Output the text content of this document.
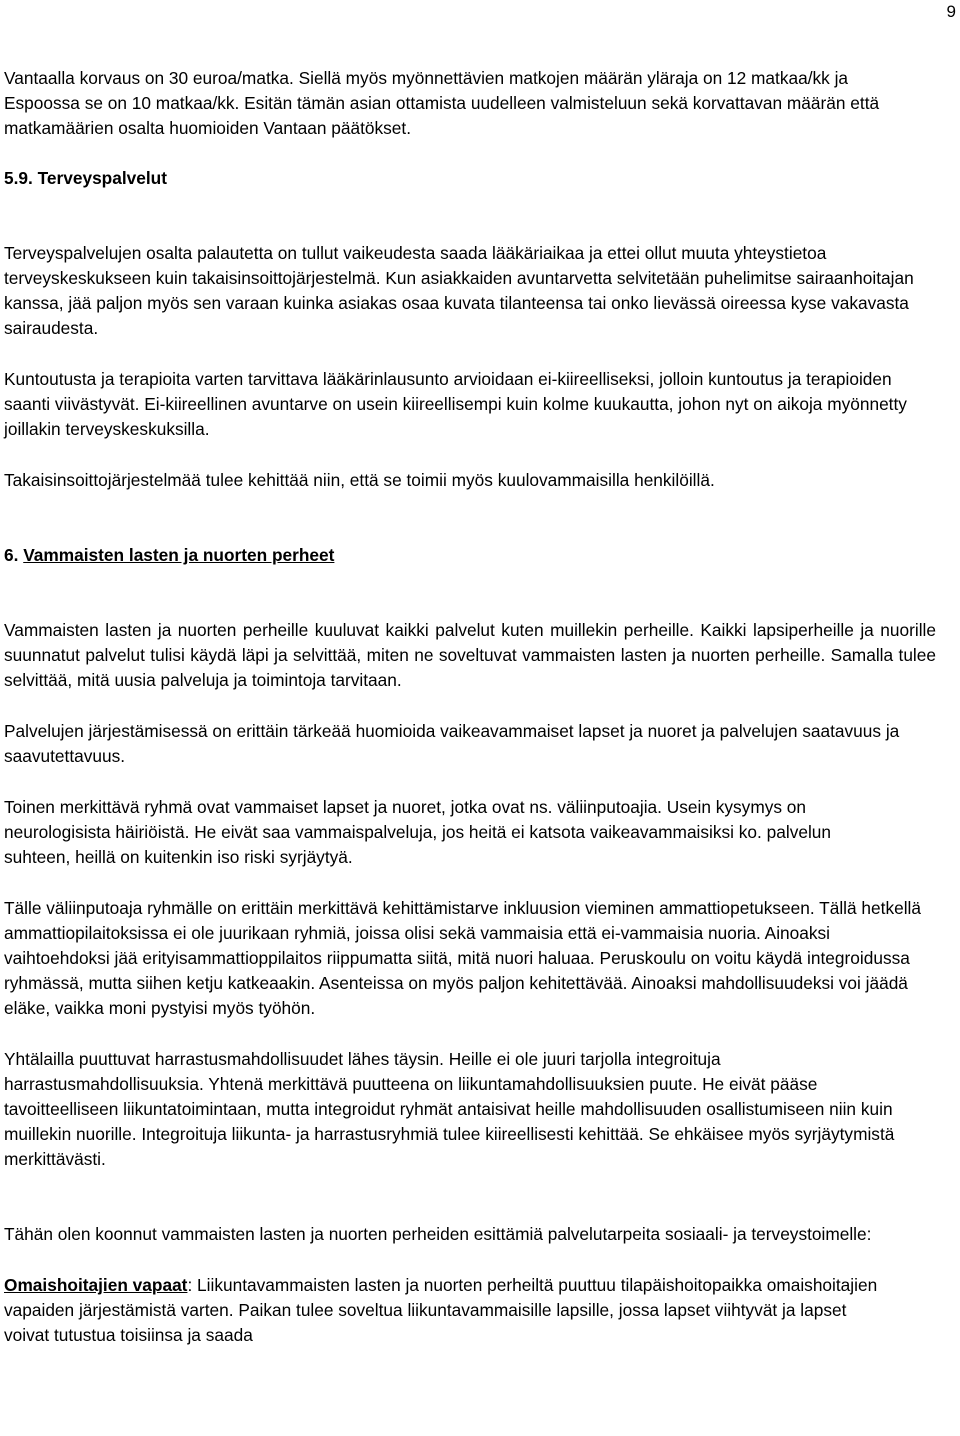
9

Vantaalla korvaus on 30 euroa/matka. Siellä myös myönnettävien matkojen määrän yläraja on 12 matkaa/kk ja Espoossa se on 10 matkaa/kk. Esitän tämän asian ottamista uudelleen valmisteluun sekä korvattavan määrän että matkamäärien osalta huomioiden Vantaan päätökset.

5.9. Terveyspalvelut

Terveyspalvelujen osalta palautetta on tullut vaikeudesta saada lääkäriaikaa ja ettei ollut muuta yhteystietoa terveyskeskukseen kuin takaisinsoittojärjestelmä. Kun asiakkaiden avuntarvetta selvitetään puhelimitse sairaanhoitajan kanssa, jää paljon myös sen varaan kuinka asiakas osaa kuvata tilanteensa tai onko lievässä oireessa kyse vakavasta sairaudesta.

Kuntoutusta ja terapioita varten tarvittava lääkärinlausunto arvioidaan ei-kiireelliseksi, jolloin kuntoutus ja terapioiden saanti viivästyvät. Ei-kiireellinen avuntarve on usein kiireellisempi kuin kolme kuukautta, johon nyt on aikoja myönnetty joillakin terveyskeskuksilla.

Takaisinsoittojärjestelmää tulee kehittää niin, että se toimii myös kuulovammaisilla henkilöillä.

6. Vammaisten lasten ja nuorten perheet

Vammaisten lasten ja nuorten perheille kuuluvat kaikki palvelut kuten muillekin perheille. Kaikki lapsiperheille ja nuorille suunnatut palvelut tulisi käydä läpi ja selvittää, miten ne soveltuvat vammaisten lasten ja nuorten perheille. Samalla tulee selvittää, mitä uusia palveluja ja toimintoja tarvitaan.

Palvelujen järjestämisessä on erittäin tärkeää huomioida vaikeavammaiset lapset ja nuoret ja palvelujen saatavuus ja saavutettavuus.

Toinen merkittävä ryhmä ovat vammaiset lapset ja nuoret, jotka ovat ns. väliinputoajia. Usein kysymys on neurologisista häiriöistä. He eivät saa vammaispalveluja, jos heitä ei katsota vaikeavammaisiksi ko. palvelun suhteen, heillä on kuitenkin iso riski syrjäytyä.

Tälle väliinputoaja ryhmälle on erittäin merkittävä kehittämistarve inkluusion vieminen ammattiopetukseen. Tällä hetkellä ammattiopilaitoksissa ei ole juurikaan ryhmiä, joissa olisi sekä vammaisia että ei-vammaisia nuoria. Ainoaksi vaihtoehdoksi jää erityisammattioppilaitos riippumatta siitä, mitä nuori haluaa. Peruskoulu on voitu käydä integroidussa ryhmässä, mutta siihen ketju katkeaakin. Asenteissa on myös paljon kehitettävää. Ainoaksi mahdollisuudeksi voi jäädä eläke, vaikka moni pystyisi myös työhön.

Yhtälailla puuttuvat harrastusmahdollisuudet lähes täysin. Heille ei ole juuri tarjolla integroituja harrastusmahdollisuuksia. Yhtenä merkittävä puutteena on liikuntamahdollisuuksien puute. He eivät pääse tavoitteelliseen liikuntatoimintaan, mutta integroidut ryhmät antaisivat heille mahdollisuuden osallistumiseen niin kuin muillekin nuorille. Integroituja liikunta- ja harrastusryhmiä tulee kiireellisesti kehittää. Se ehkäisee myös syrjäytymistä merkittävästi.

Tähän olen koonnut vammaisten lasten ja nuorten perheiden esittämiä palvelutarpeita sosiaali- ja terveystoimelle:

Omaishoitajien vapaat: Liikuntavammaisten lasten ja nuorten perheiltä puuttuu tilapäishoitopaikka omaishoitajien vapaiden järjestämistä varten. Paikan tulee soveltua liikuntavammaisille lapsille, jossa lapset viihtyvät ja lapset voivat tutustua toisiinsa ja saada
